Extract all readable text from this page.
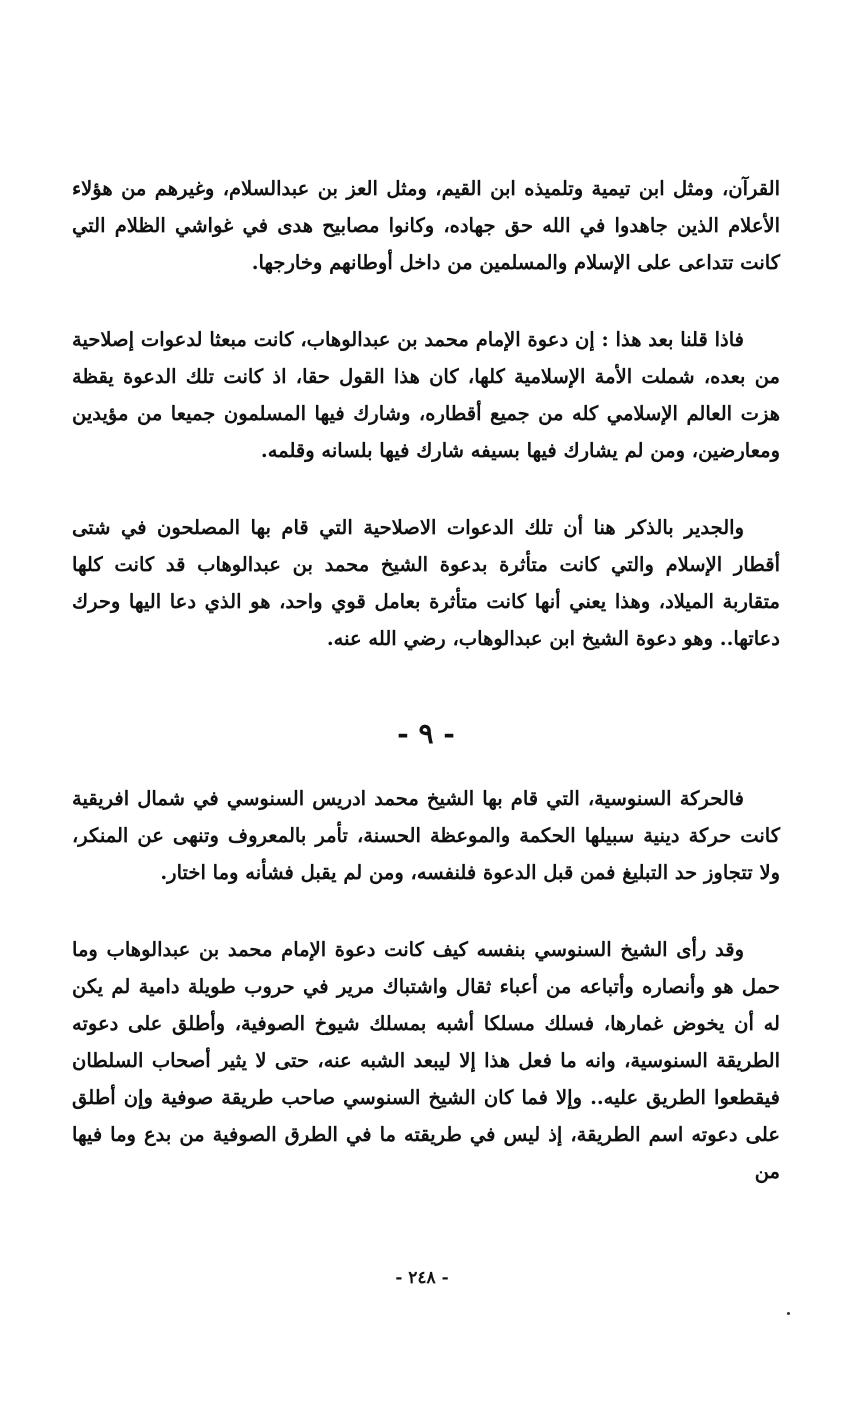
القرآن، ومثل ابن تيمية وتلميذه ابن القيم، ومثل العز بن عبدالسلام، وغيرهم من هؤلاء الأعلام الذين جاهدوا في الله حق جهاده، وكانوا مصابيح هدى في غواشي الظلام التي كانت تتداعى على الإسلام والمسلمين من داخل أوطانهم وخارجها.

فاذا قلنا بعد هذا : إن دعوة الإمام محمد بن عبدالوهاب، كانت مبعثا لدعوات إصلاحية من بعده، شملت الأمة الإسلامية كلها، كان هذا القول حقا، اذ كانت تلك الدعوة يقظة هزت العالم الإسلامي كله من جميع أقطاره، وشارك فيها المسلمون جميعا من مؤيدين ومعارضين، ومن لم يشارك فيها بسيفه شارك فيها بلسانه وقلمه.

والجدير بالذكر هنا أن تلك الدعوات الاصلاحية التي قام بها المصلحون في شتى أقطار الإسلام والتي كانت متأثرة بدعوة الشيخ محمد بن عبدالوهاب قد كانت كلها متقاربة الميلاد، وهذا يعني أنها كانت متأثرة بعامل قوي واحد، هو الذي دعا اليها وحرك دعاتها.. وهو دعوة الشيخ ابن عبدالوهاب، رضي الله عنه.

- ٩ -

فالحركة السنوسية، التي قام بها الشيخ محمد ادريس السنوسي في شمال افريقية كانت حركة دينية سبيلها الحكمة والموعظة الحسنة، تأمر بالمعروف وتنهى عن المنكر، ولا تتجاوز حد التبليغ فمن قبل الدعوة فلنفسه، ومن لم يقبل فشأنه وما اختار.

وقد رأى الشيخ السنوسي بنفسه كيف كانت دعوة الإمام محمد بن عبدالوهاب وما حمل هو وأنصاره وأتباعه من أعباء ثقال واشتباك مرير في حروب طويلة دامية لم يكن له أن يخوض غمارها، فسلك مسلكا أشبه بمسلك شيوخ الصوفية، وأطلق على دعوته الطريقة السنوسية، وانه ما فعل هذا إلا ليبعد الشبه عنه، حتى لا يثير أصحاب السلطان فيقطعوا الطريق عليه.. وإلا فما كان الشيخ السنوسي صاحب طريقة صوفية وإن أطلق على دعوته اسم الطريقة، إذ ليس في طريقته ما في الطرق الصوفية من بدع وما فيها من

- ٢٤٨ -
